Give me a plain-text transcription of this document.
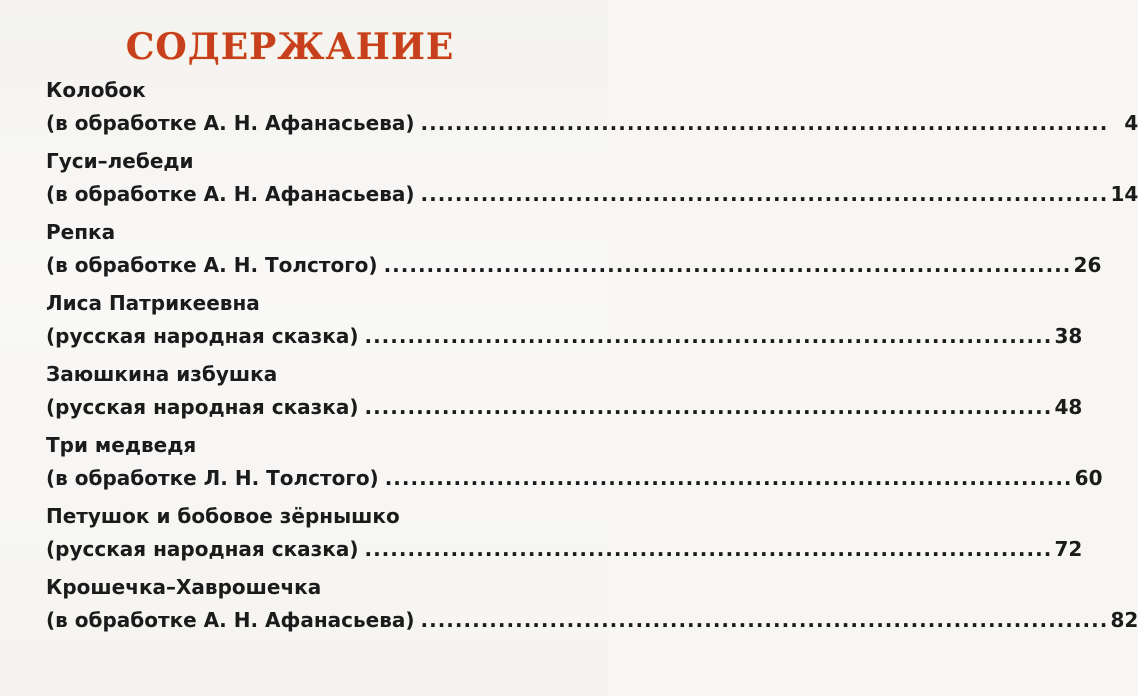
СОДЕРЖАНИЕ
Колобок
(в обработке А. Н. Афанасьева) ................................................................................ 4
Гуси–лебеди
(в обработке А. Н. Афанасьева) ................................................................................ 14
Репка
(в обработке А. Н. Толстого) ................................................................................ 26
Лиса Патрикеевна
(русская народная сказка) ................................................................................ 38
Заюшкина избушка
(русская народная сказка) ................................................................................ 48
Три медведя
(в обработке Л. Н. Толстого) ................................................................................ 60
Петушок и бобовое зёрнышко
(русская народная сказка) ................................................................................ 72
Крошечка–Хаврошечка
(в обработке А. Н. Афанасьева) ................................................................................ 82
